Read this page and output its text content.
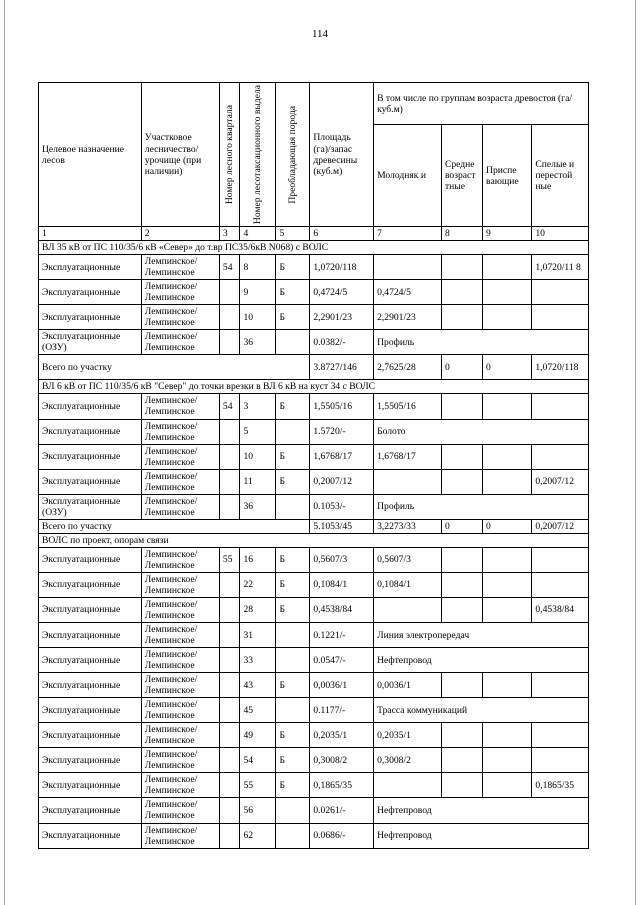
114
Целевое назначение лесов	Участковое лесничество/ урочище (при наличии)	Номер лесного квартала	Номер лесотаксационного выдела	Преобладающая порода	Площадь (га)/запас древесины (куб.м)	В том числе по группам возраста древостоя (га/куб.м)			
						Молодняк и	Средне возраст тные	Приспе вающие	Спелые и перестой ные
1	2	3	4	5	6	7	8	9	10
ВЛ 35 кВ от ПС 110/35/6 кВ «Север» до т.вр ПС35/6кВ N068) с ВОЛС									
Эксплуатационные	Лемпинское/ Лемпинское	54	8	Б	1,0720/118				1,0720/11 8
Эксплуатационные	Лемпинское/ Лемпинское		9	Б	0,4724/5	0,4724/5			
Эксплуатационные	Лемпинское/ Лемпинское		10	Б	2,2901/23	2,2901/23			
Эксплуатационные (ОЗУ)	Лемпинское/ Лемпинское		36		0.0382/-	Профиль			
Всего по участку					3.8727/146	2,7625/28	0	0	1,0720/118
ВЛ 6 кВ от ПС 110/35/6 кВ "Север" до точки врезки в ВЛ 6 кВ на куст 34 с ВОЛС									
Эксплуатационные	Лемпинское/ Лемпинское	54	3	Б	1,5505/16	1,5505/16			
Эксплуатационные	Лемпинское/ Лемпинское		5		1.5720/-	Болото			
Эксплуатационные	Лемпинское/ Лемпинское		10	Б	1,6768/17	1,6768/17			
Эксплуатационные	Лемпинское/ Лемпинское		11	Б	0,2007/12				0,2007/12
Эксплуатационные (ОЗУ)	Лемпинское/ Лемпинское		36		0.1053/-	Профиль			
Всего по участку					5.1053/45	3,2273/33	0	0	0,2007/12
ВОЛС по проект, опорам связи									
Эксплуатационные	Лемпинское/ Лемпинское	55	16	Б	0,5607/3	0,5607/3			
Эксплуатационные	Лемпинское/ Лемпинское		22	Б	0,1084/1	0,1084/1			
Эксплуатационные	Лемпинское/ Лемпинское		28	Б	0,4538/84				0,4538/84
Эксплуатационные	Лемпинское/ Лемпинское		31		0.1221/-	Линия электропередач			
Эксплуатационные	Лемпинское/ Лемпинское		33		0.0547/-	Нефтепровод			
Эксплуатационные	Лемпинское/ Лемпинское		43	Б	0,0036/1	0,0036/1			
Эксплуатационные	Лемпинское/ Лемпинское		45		0.1177/-	Трасса коммуникаций			
Эксплуатационные	Лемпинское/ Лемпинское		49	Б	0,2035/1	0,2035/1			
Эксплуатационные	Лемпинское/ Лемпинское		54	Б	0,3008/2	0,3008/2			
Эксплуатационные	Лемпинское/ Лемпинское		55	Б	0,1865/35				0,1865/35
Эксплуатационные	Лемпинское/ Лемпинское		56		0.0261/-	Нефтепровод			
Эксплуатационные	Лемпинское/ Лемпинское		62		0.0686/-	Нефтепровод			
